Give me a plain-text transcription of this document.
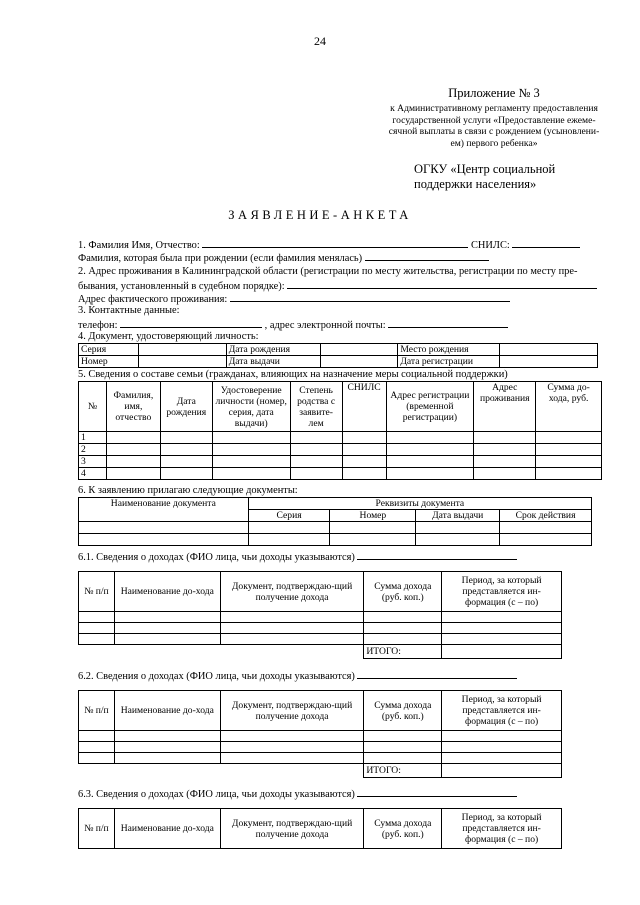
24
Приложение № 3
к Административному регламенту предоставления
государственной услуги «Предоставление ежеме-
сячной выплаты в связи с рождением (усыновлени-
ем) первого ребенка»
ОГКУ «Центр социальной
поддержки населения»
ЗАЯВЛЕНИЕ-АНКЕТА
1. Фамилия Имя, Отчество:	СНИЛС:
Фамилия, которая была при рождении (если фамилия менялась)
2. Адрес проживания в Калининградской области (регистрации по месту жительства, регистрации по месту пре-
бывания, установленный в судебном порядке):
Адрес фактического проживания:
3. Контактные данные:
телефон:	, адрес электронной почты:
4. Документ, удостоверяющий личность:
Серия		Дата рождения		Место рождения	
Номер		Дата выдачи		Дата регистрации	
5. Сведения о составе семьи (гражданах, влияющих на назначение меры социальной поддержки)
№	Фамилия, имя, отчество	Дата рождения	Удостоверение личности (номер, серия, дата выдачи)	Степень родства с заявите-лем	СНИЛС	Адрес регистрации (временной регистрации)	Адрес проживания	Сумма до-хода, руб.
1								
2								
3								
4								
6. К заявлению прилагаю следующие документы:
Наименование документа	Реквизиты документа			
	Серия	Номер	Дата выдачи	Срок действия

6.1. Сведения о доходах (ФИО лица, чьи доходы указываются)
№ п/п	Наименование до-хода	Документ, подтверждаю-щий получение дохода	Сумма дохода (руб. коп.)	Период, за который представляется ин-формация (с – по)

			ИТОГО:	
6.2. Сведения о доходах (ФИО лица, чьи доходы указываются)
№ п/п	Наименование до-хода	Документ, подтверждаю-щий получение дохода	Сумма дохода (руб. коп.)	Период, за который представляется ин-формация (с – по)

			ИТОГО:	
6.3. Сведения о доходах (ФИО лица, чьи доходы указываются)
№ п/п	Наименование до-хода	Документ, подтверждаю-щий получение дохода	Сумма дохода (руб. коп.)	Период, за который представляется ин-формация (с – по)
